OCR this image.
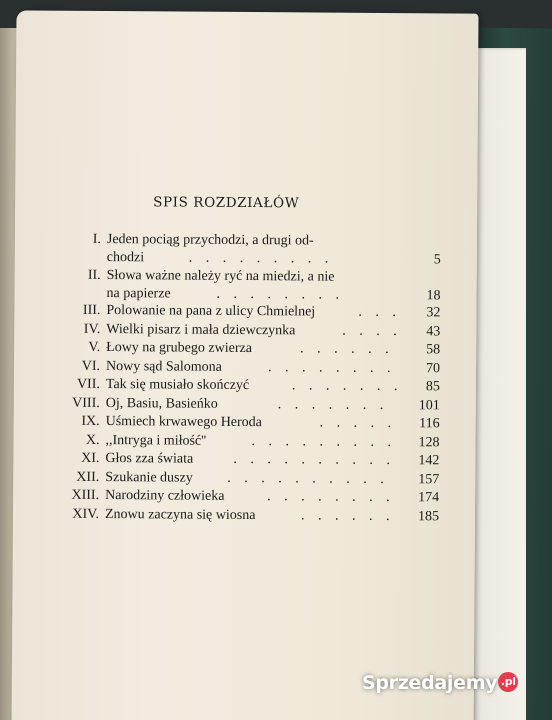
SPIS ROZDZIAŁÓW
I. Jeden pociąg przychodzi, a drugi od-
chodzi	. . . . . . . . .	5
II. Słowa ważne należy ryć na miedzi, a nie
na papierze	. . . . . . . .	18
III. Polowanie na pana z ulicy Chmielnej	. . .	32
IV. Wielki pisarz i mała dziewczynka	. . . .	43
V. Łowy na grubego zwierza	. . . . . .	58
VI. Nowy sąd Salomona	. . . . . . . .	70
VII. Tak się musiało skończyć	. . . . . . .	85
VIII. Oj, Basiu, Basieńko	. . . . . . .	101
IX. Uśmiech krwawego Heroda	. . . . .	116
X. ,,Intryga i miłość''	. . . . . . . . .	128
XI. Głos zza świata	. . . . . . . . . .	142
XII. Szukanie duszy . . . . . . . . . .	157
XIII. Narodziny człowieka	. . . . . . . .	174
XIV. Znowu zaczyna się wiosna	. . . . . .	185
Sprzedajemy .pl
